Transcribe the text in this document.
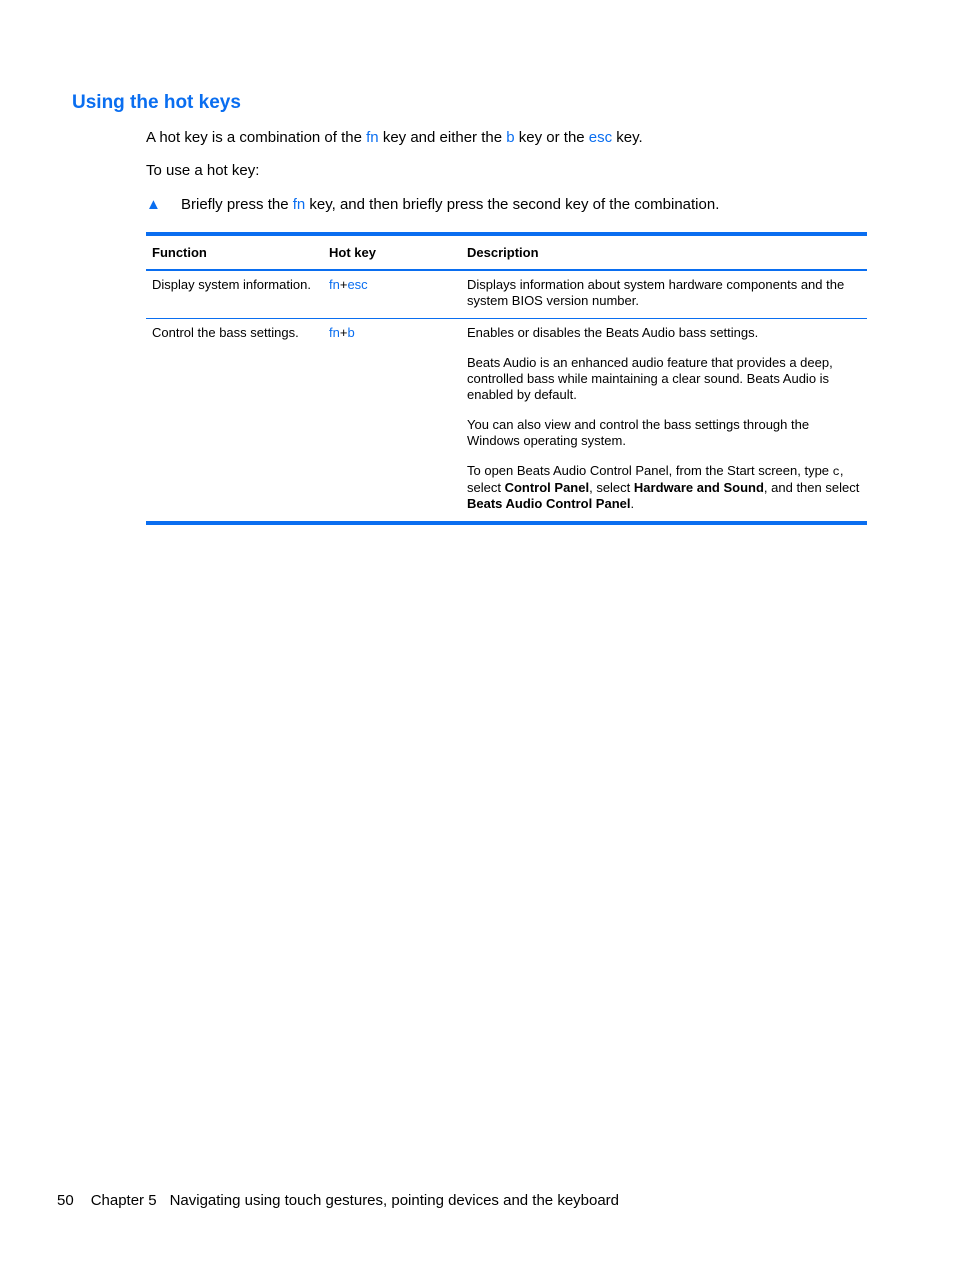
Using the hot keys

A hot key is a combination of the fn key and either the b key or the esc key.

To use a hot key:

▲ Briefly press the fn key, and then briefly press the second key of the combination.
Function	Hot key	Description
Display system information.	fn+esc	Displays information about system hardware components and the system BIOS version number.
Control the bass settings.	fn+b	Enables or disables the Beats Audio bass settings.

Beats Audio is an enhanced audio feature that provides a deep, controlled bass while maintaining a clear sound. Beats Audio is enabled by default.

You can also view and control the bass settings through the Windows operating system.

To open Beats Audio Control Panel, from the Start screen, type c, select Control Panel, select Hardware and Sound, and then select Beats Audio Control Panel.

50 Chapter 5 Navigating using touch gestures, pointing devices and the keyboard
